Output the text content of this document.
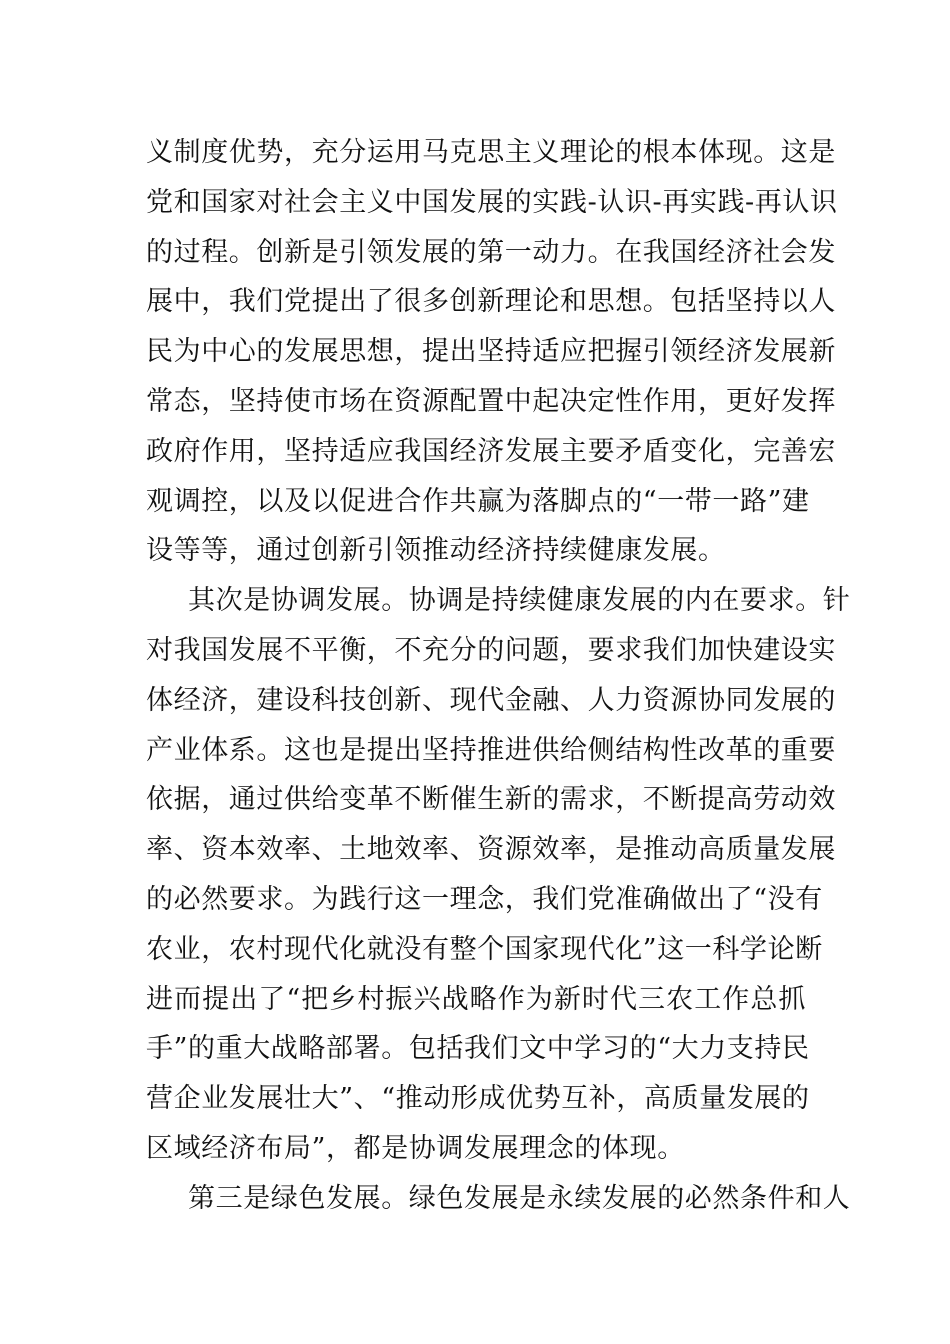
义制度优势，充分运用马克思主义理论的根本体现。这是
党和国家对社会主义中国发展的实践-认识-再实践-再认识
的过程。创新是引领发展的第一动力。在我国经济社会发
展中，我们党提出了很多创新理论和思想。包括坚持以人
民为中心的发展思想，提出坚持适应把握引领经济发展新
常态，坚持使市场在资源配置中起决定性作用，更好发挥
政府作用，坚持适应我国经济发展主要矛盾变化，完善宏
观调控，以及以促进合作共赢为落脚点的“一带一路”建
设等等，通过创新引领推动经济持续健康发展。
其次是协调发展。协调是持续健康发展的内在要求。针
对我国发展不平衡，不充分的问题，要求我们加快建设实
体经济，建设科技创新、现代金融、人力资源协同发展的
产业体系。这也是提出坚持推进供给侧结构性改革的重要
依据，通过供给变革不断催生新的需求，不断提高劳动效
率、资本效率、土地效率、资源效率，是推动高质量发展
的必然要求。为践行这一理念，我们党准确做出了“没有
农业，农村现代化就没有整个国家现代化”这一科学论断
进而提出了“把乡村振兴战略作为新时代三农工作总抓
手”的重大战略部署。包括我们文中学习的“大力支持民
营企业发展壮大”、“推动形成优势互补，高质量发展的
区域经济布局”，都是协调发展理念的体现。
第三是绿色发展。绿色发展是永续发展的必然条件和人
